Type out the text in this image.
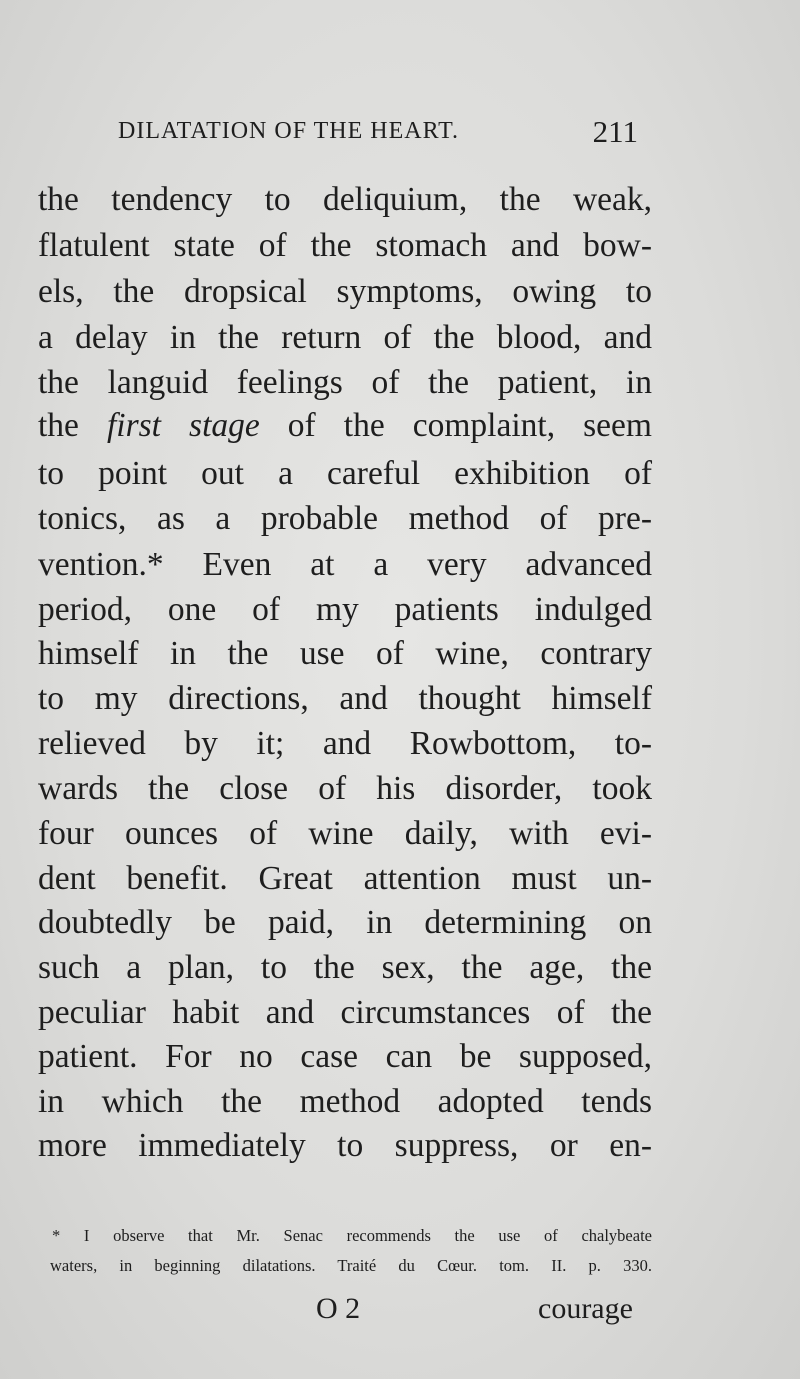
DILATATION OF THE HEART.	211
the tendency to deliquium, the weak,
flatulent state of the stomach and bow-
els, the dropsical symptoms, owing to
a delay in the return of the blood, and
the languid feelings of the patient, in
the first stage of the complaint, seem
to point out a careful exhibition of
tonics, as a probable method of pre-
vention.* Even at a very advanced
period, one of my patients indulged
himself in the use of wine, contrary
to my directions, and thought himself
relieved by it; and Rowbottom, to-
wards the close of his disorder, took
four ounces of wine daily, with evi-
dent benefit. Great attention must un-
doubtedly be paid, in determining on
such a plan, to the sex, the age, the
peculiar habit and circumstances of the
patient. For no case can be supposed,
in which the method adopted tends
more immediately to suppress, or en-
* I observe that Mr. Senac recommends the use of chalybeate
waters, in beginning dilatations. Traité du Cœur. tom. II. p. 330.
O 2	courage
